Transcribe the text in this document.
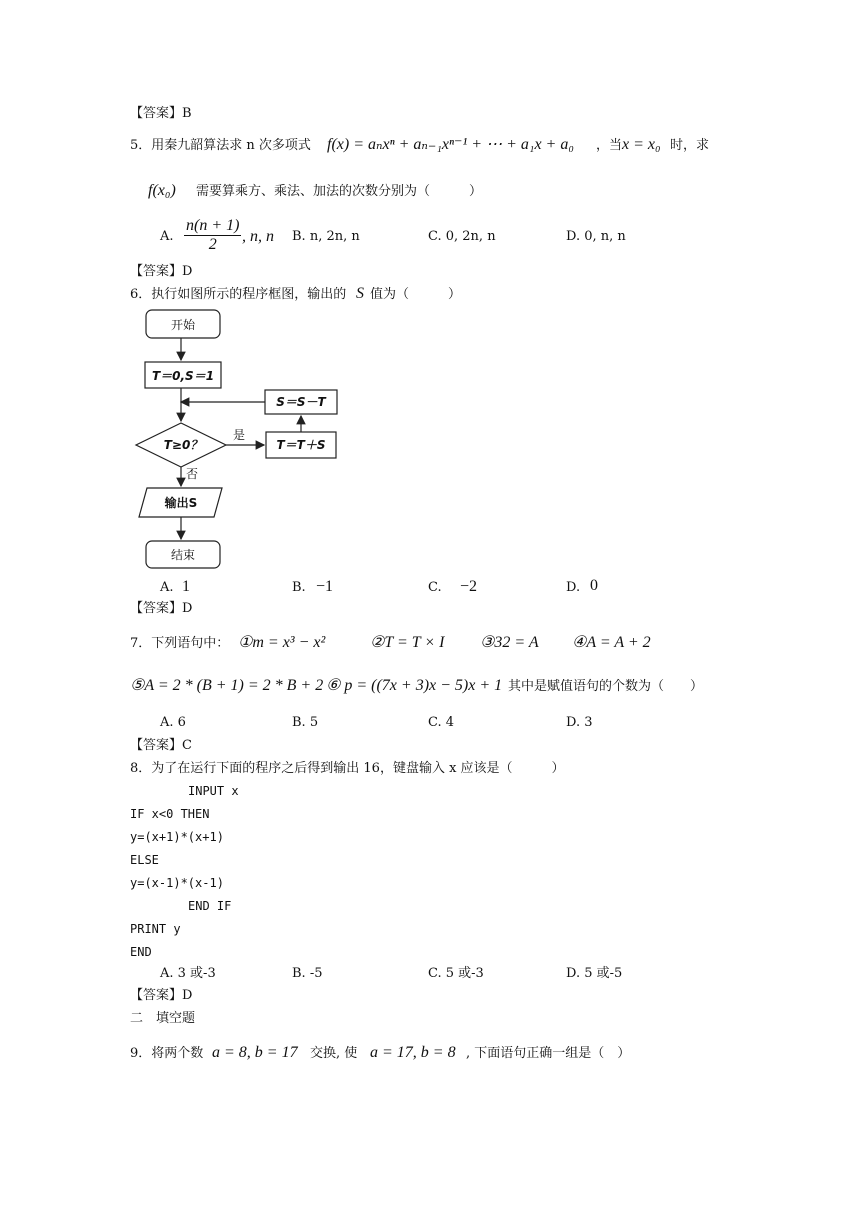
【答案】B
5．用秦九韶算法求 n 次多项式 f(x) = aₙxⁿ + aₙ₋₁xⁿ⁻¹ + ⋯ + a₁x + a₀ ，当 x = x₀ 时，求
f(x₀) 需要算乘方、乘法、加法的次数分别为（　　　）
A. $\frac{n(n + 1)}{2}$ , n, n B. n, 2n, n	C. 0, 2n, n	D. 0, n, n
【答案】D
6．执行如图所示的程序框图，输出的 S 值为（　　　）
开始
T＝0,S＝1
T≥0？
是
否
T＝T＋S
S＝S－T
输出S
结束
A. 1	B. −1	C. −2	D. 0
【答案】D
7．下列语句中： ①m = x³ − x²	②T = T × I ③32 = A ④A = A + 2
⑤A = 2 * (B + 1) = 2 * B + 2 ⑥ p = ((7x + 3)x − 5)x + 1 其中是赋值语句的个数为（　　）
A. 6	B. 5	C. 4	D. 3
【答案】C
8．为了在运行下面的程序之后得到输出 16，键盘输入 x 应该是（　　　）
INPUT x
IF x<0 THEN
y=(x+1)*(x+1)
ELSE
y=(x-1)*(x-1)
END IF
PRINT y
END
A. 3 或-3	B. -5	C. 5 或-3	D. 5 或-5
【答案】D
二　填空题
9．将两个数 a = 8, b = 17 交换, 使 a = 17, b = 8 , 下面语句正确一组是（　）
